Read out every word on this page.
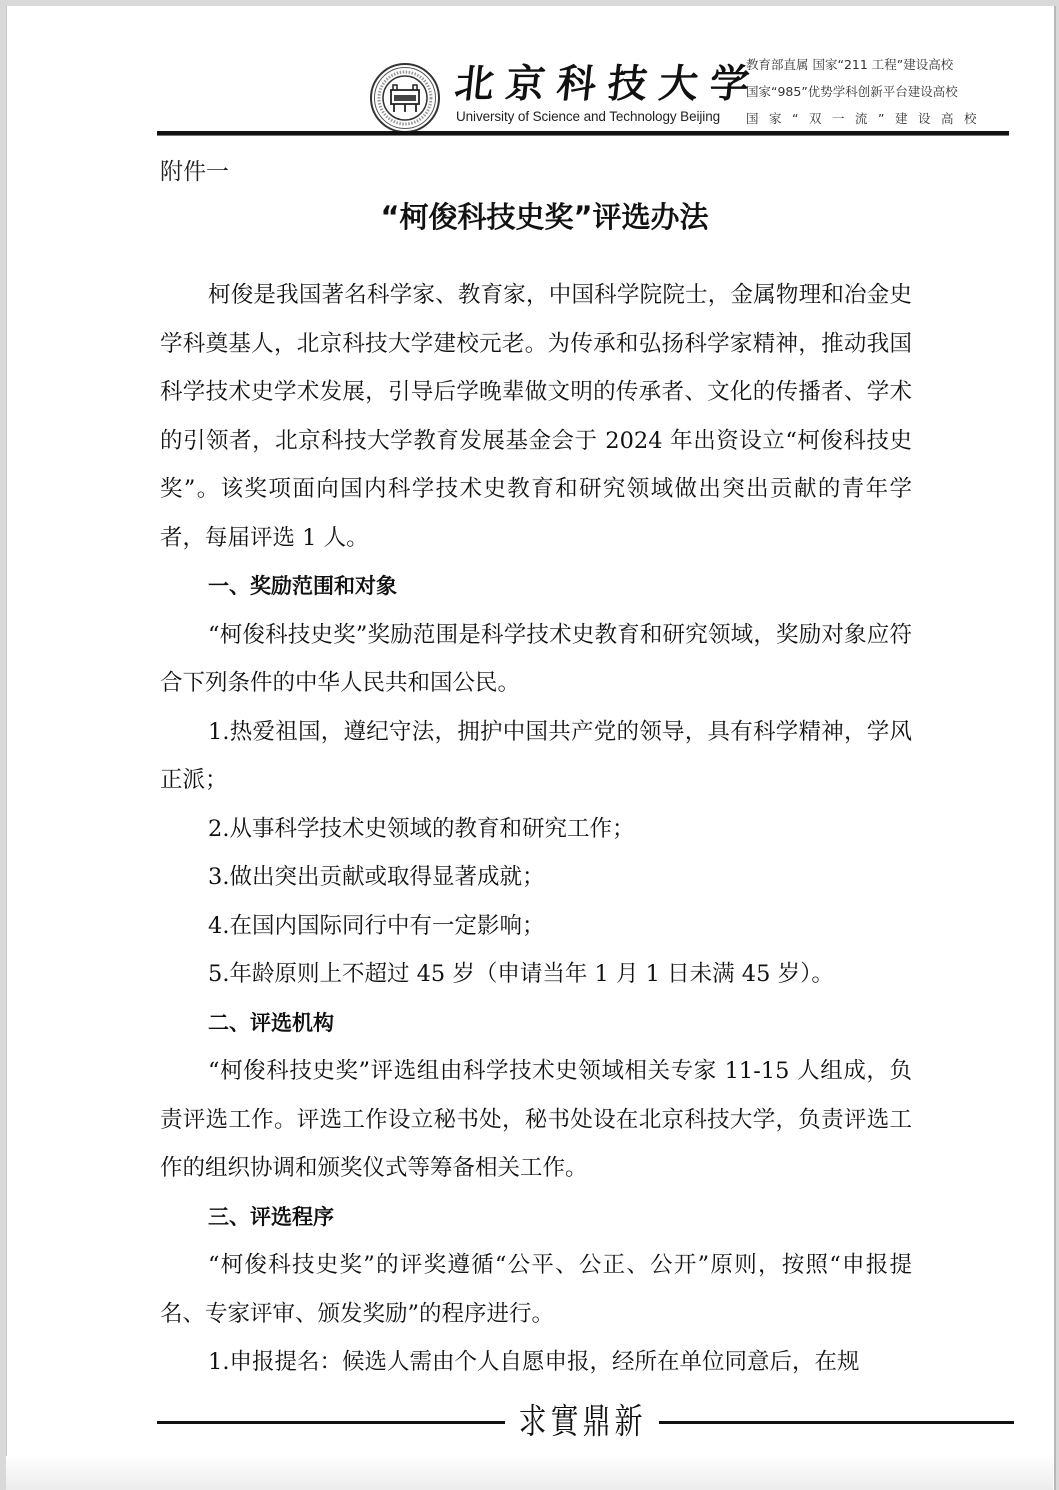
北京科技大学
University of Science and Technology Beijing
教育部直属 国家“211 工程”建设高校
国家“985”优势学科创新平台建设高校
国家“双一流”建设高校
附件一
“柯俊科技史奖”评选办法

柯俊是我国著名科学家、教育家，中国科学院院士，金属物理和冶金史学科奠基人，北京科技大学建校元老。为传承和弘扬科学家精神，推动我国科学技术史学术发展，引导后学晚辈做文明的传承者、文化的传播者、学术的引领者，北京科技大学教育发展基金会于 2024 年出资设立“柯俊科技史奖”。该奖项面向国内科学技术史教育和研究领域做出突出贡献的青年学者，每届评选 1 人。

一、奖励范围和对象

“柯俊科技史奖”奖励范围是科学技术史教育和研究领域，奖励对象应符合下列条件的中华人民共和国公民。

1.热爱祖国，遵纪守法，拥护中国共产党的领导，具有科学精神，学风正派；

2.从事科学技术史领域的教育和研究工作；

3.做出突出贡献或取得显著成就；

4.在国内国际同行中有一定影响；

5.年龄原则上不超过 45 岁（申请当年 1 月 1 日未满 45 岁）。

二、评选机构

“柯俊科技史奖”评选组由科学技术史领域相关专家 11-15 人组成，负责评选工作。评选工作设立秘书处，秘书处设在北京科技大学，负责评选工作的组织协调和颁奖仪式等筹备相关工作。

三、评选程序

“柯俊科技史奖”的评奖遵循“公平、公正、公开”原则，按照“申报提名、专家评审、颁发奖励”的程序进行。

1.申报提名：候选人需由个人自愿申报，经所在单位同意后，在规

求實鼎新
